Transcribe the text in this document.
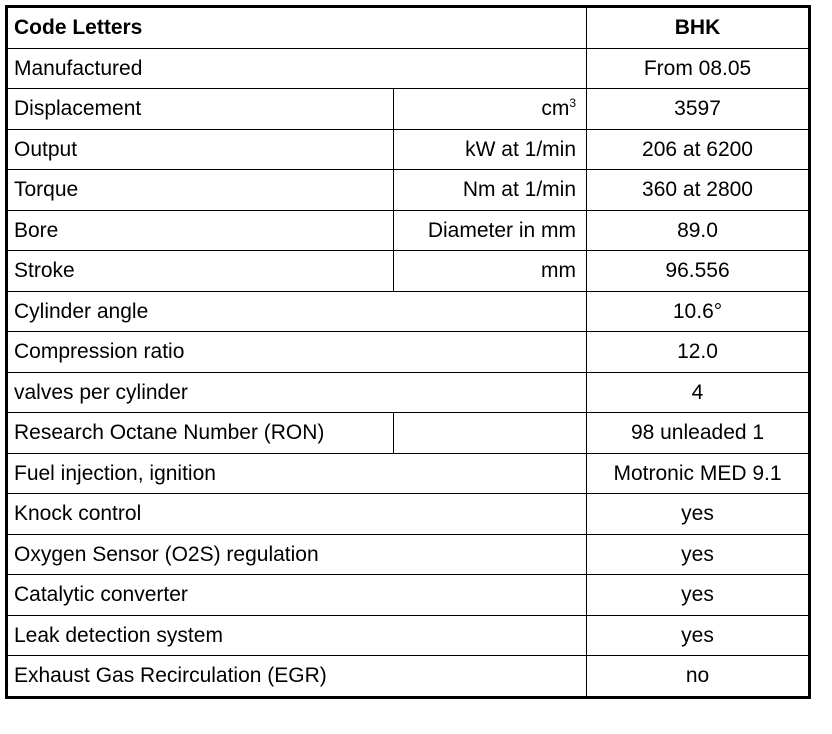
Code Letters		BHK
Manufactured		From 08.05
Displacement	$cm^3$	3597
Output	kW at 1/min	206 at 6200
Torque	Nm at 1/min	360 at 2800
Bore	Diameter in mm	89.0
Stroke	mm	96.556
Cylinder angle		10.6°
Compression ratio		12.0
valves per cylinder		4
Research Octane Number (RON)		98 unleaded 1
Fuel injection, ignition		Motronic MED 9.1
Knock control		yes
Oxygen Sensor (O2S) regulation		yes
Catalytic converter		yes
Leak detection system		yes
Exhaust Gas Recirculation (EGR)		no
